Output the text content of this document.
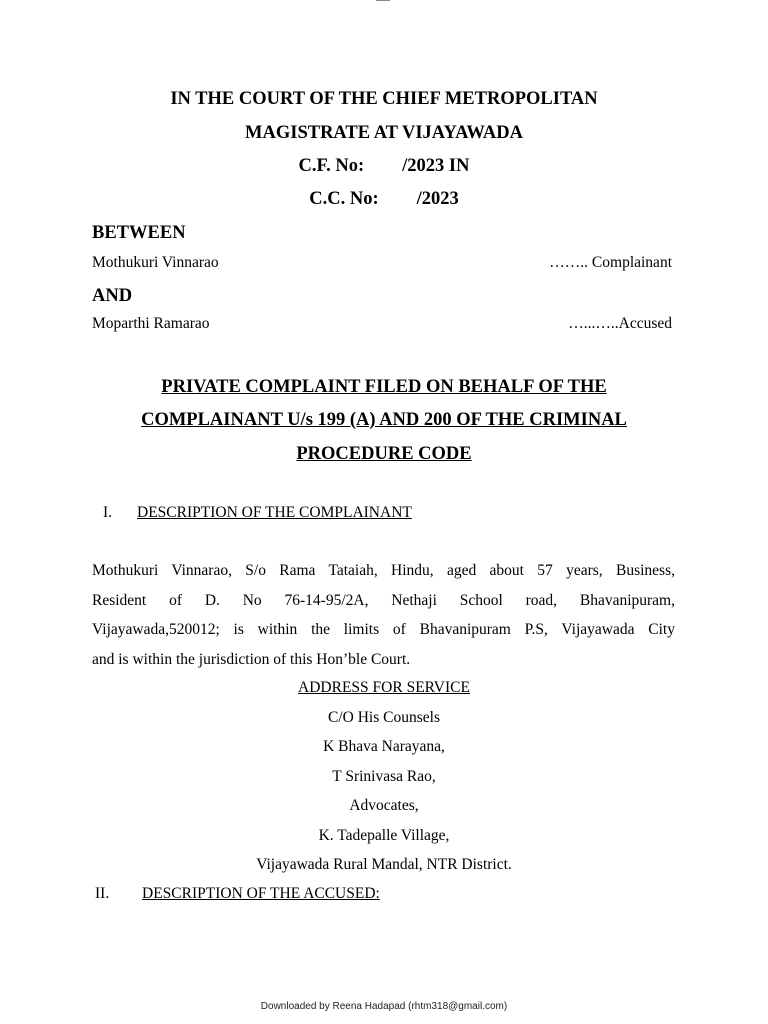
IN THE COURT OF THE CHIEF METROPOLITAN
MAGISTRATE AT VIJAYAWADA
C.F. No: /2023 IN
C.C. No: /2023
BETWEEN
Mothukuri Vinnarao	…….. Complainant
AND
Moparthi Ramarao	…...…..Accused
PRIVATE COMPLAINT FILED ON BEHALF OF THE
COMPLAINANT U/s 199 (A) AND 200 OF THE CRIMINAL
PROCEDURE CODE
I. DESCRIPTION OF THE COMPLAINANT
Mothukuri Vinnarao, S/o Rama Tataiah, Hindu, aged about 57 years, Business,
Resident of D. No 76-14-95/2A, Nethaji School road, Bhavanipuram,
Vijayawada,520012; is within the limits of Bhavanipuram P.S, Vijayawada City
and is within the jurisdiction of this Hon’ble Court.
ADDRESS FOR SERVICE
C/O His Counsels
K Bhava Narayana,
T Srinivasa Rao,
Advocates,
K. Tadepalle Village,
Vijayawada Rural Mandal, NTR District.
II. DESCRIPTION OF THE ACCUSED:
Downloaded by Reena Hadapad (rhtm318@gmail.com)
